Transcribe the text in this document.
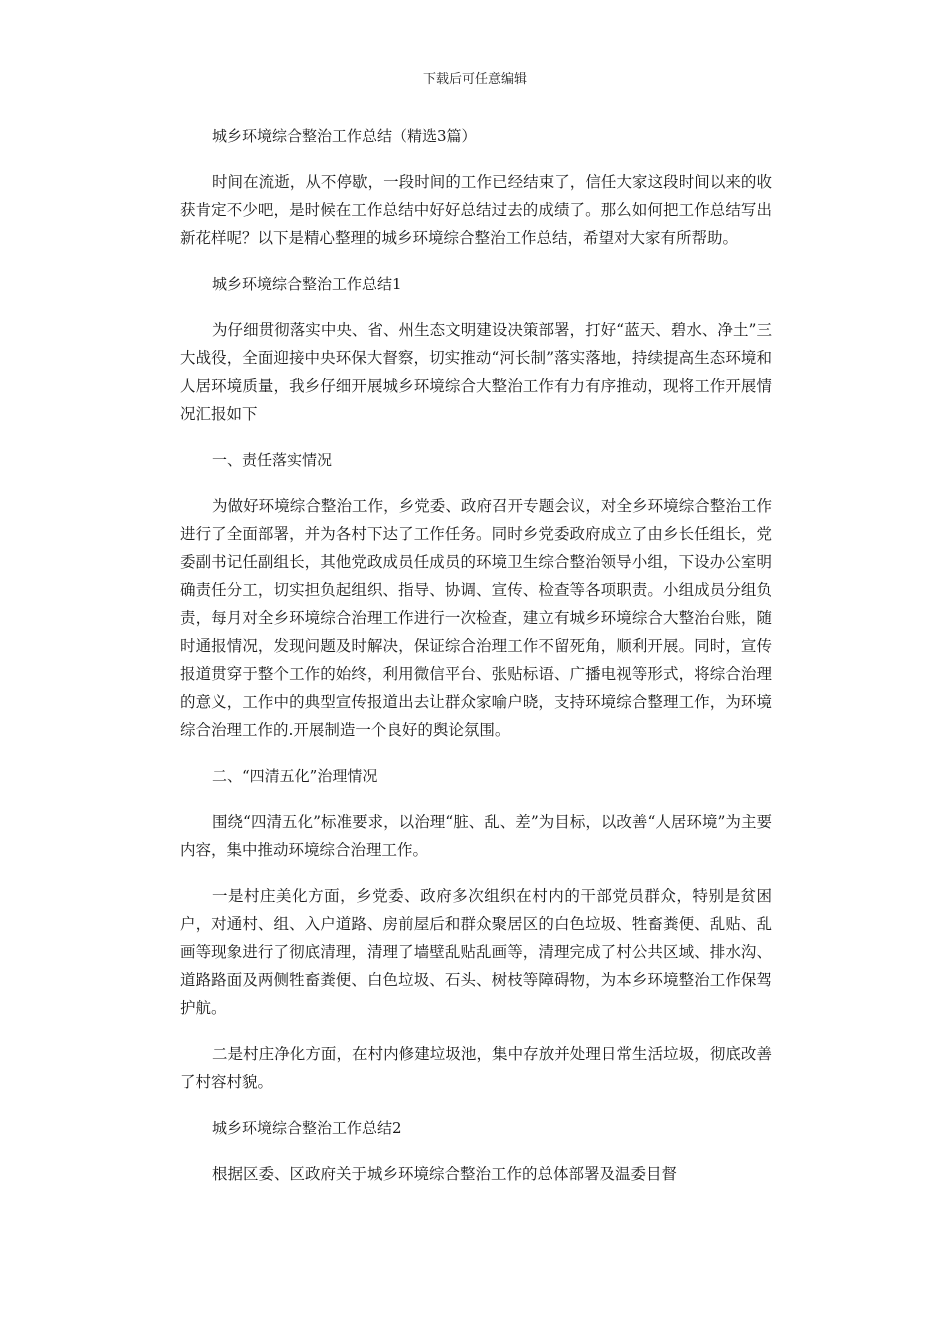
下载后可任意编辑
城乡环境综合整治工作总结（精选3篇）
时间在流逝，从不停歇，一段时间的工作已经结束了，信任大家这段时间以来的收获肯定不少吧，是时候在工作总结中好好总结过去的成绩了。那么如何把工作总结写出新花样呢？以下是精心整理的城乡环境综合整治工作总结，希望对大家有所帮助。
城乡环境综合整治工作总结1
为仔细贯彻落实中央、省、州生态文明建设决策部署，打好“蓝天、碧水、净土”三大战役，全面迎接中央环保大督察，切实推动“河长制”落实落地，持续提高生态环境和人居环境质量，我乡仔细开展城乡环境综合大整治工作有力有序推动，现将工作开展情况汇报如下
一、责任落实情况
为做好环境综合整治工作，乡党委、政府召开专题会议，对全乡环境综合整治工作进行了全面部署，并为各村下达了工作任务。同时乡党委政府成立了由乡长任组长，党委副书记任副组长，其他党政成员任成员的环境卫生综合整治领导小组，下设办公室明确责任分工，切实担负起组织、指导、协调、宣传、检查等各项职责。小组成员分组负责，每月对全乡环境综合治理工作进行一次检查，建立有城乡环境综合大整治台账，随时通报情况，发现问题及时解决，保证综合治理工作不留死角，顺利开展。同时，宣传报道贯穿于整个工作的始终，利用微信平台、张贴标语、广播电视等形式，将综合治理的意义，工作中的典型宣传报道出去让群众家喻户晓，支持环境综合整理工作，为环境综合治理工作的.开展制造一个良好的舆论氛围。
二、“四清五化”治理情况
围绕“四清五化”标准要求，以治理“脏、乱、差”为目标，以改善“人居环境”为主要内容，集中推动环境综合治理工作。
一是村庄美化方面，乡党委、政府多次组织在村内的干部党员群众，特别是贫困户，对通村、组、入户道路、房前屋后和群众聚居区的白色垃圾、牲畜粪便、乱贴、乱画等现象进行了彻底清理，清理了墙壁乱贴乱画等，清理完成了村公共区域、排水沟、道路路面及两侧牲畜粪便、白色垃圾、石头、树枝等障碍物，为本乡环境整治工作保驾护航。
二是村庄净化方面，在村内修建垃圾池，集中存放并处理日常生活垃圾，彻底改善了村容村貌。
城乡环境综合整治工作总结2
根据区委、区政府关于城乡环境综合整治工作的总体部署及温委目督
